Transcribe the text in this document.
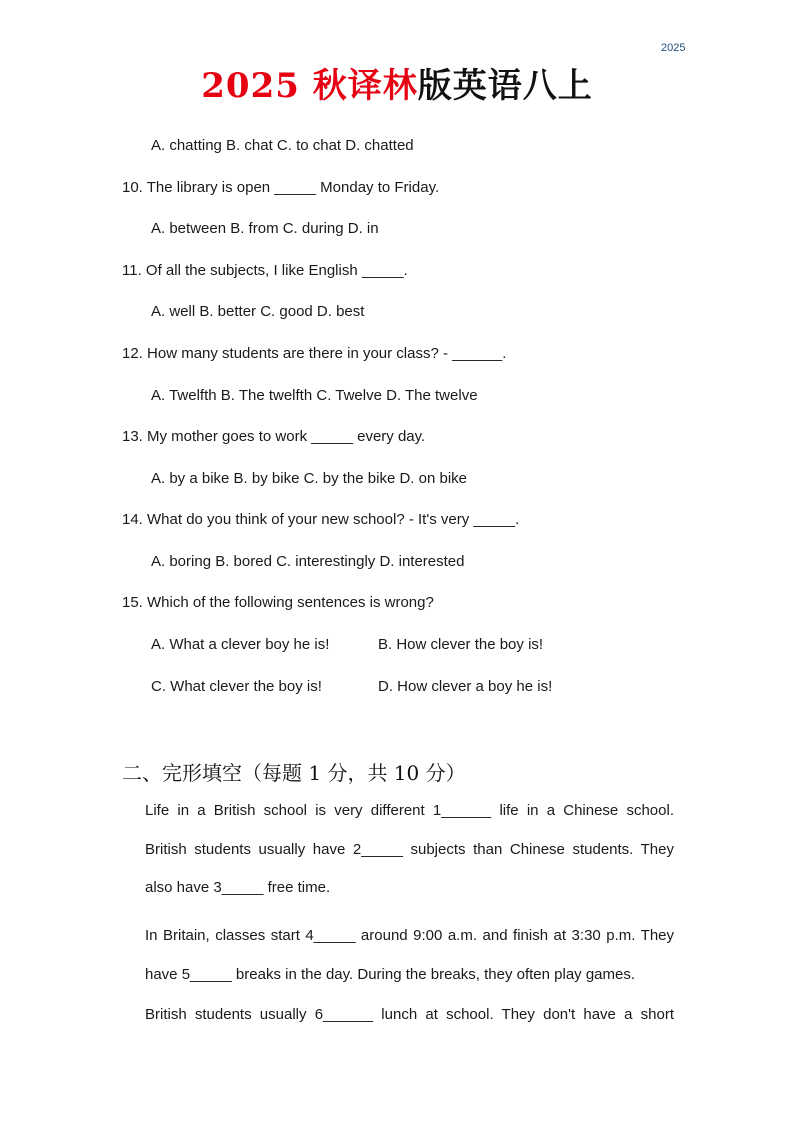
2025
2025 秋译林版英语八上
A. chatting B. chat C. to chat D. chatted
10. The library is open _____ Monday to Friday.
A. between B. from C. during D. in
11. Of all the subjects, I like English _____.
A. well B. better C. good D. best
12. How many students are there in your class? - ______.
A. Twelfth B. The twelfth C. Twelve D. The twelve
13. My mother goes to work _____ every day.
A. by a bike B. by bike C. by the bike D. on bike
14. What do you think of your new school? - It's very _____.
A. boring B. bored C. interestingly D. interested
15. Which of the following sentences is wrong?
A. What a clever boy he is!	B. How clever the boy is!
C. What clever the boy is!	D. How clever a boy he is!
二、完形填空（每题 1 分，共 10 分）
Life in a British school is very different 1______ life in a Chinese school.
British students usually have 2_____ subjects than Chinese students. They
also have 3_____ free time.
In Britain, classes start 4_____ around 9:00 a.m. and finish at 3:30 p.m. They
have 5_____ breaks in the day. During the breaks, they often play games.
British students usually 6______ lunch at school. They don't have a short
